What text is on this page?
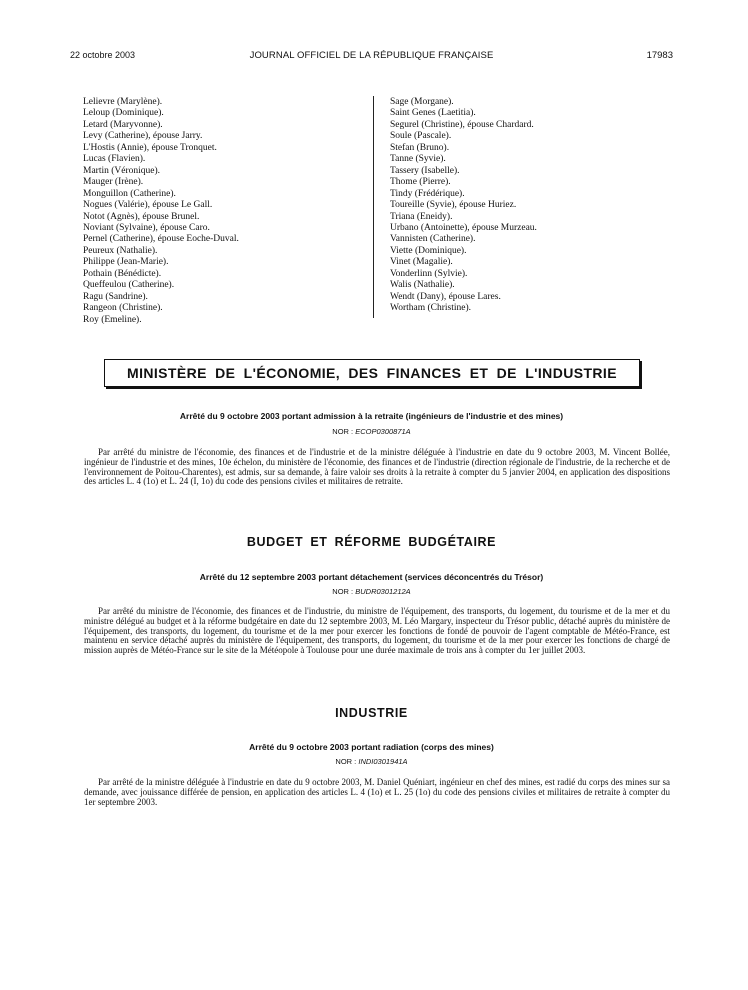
22 octobre 2003	JOURNAL OFFICIEL DE LA RÉPUBLIQUE FRANÇAISE	17983
Lelievre (Marylène).
Leloup (Dominique).
Letard (Maryvonne).
Levy (Catherine), épouse Jarry.
L'Hostis (Annie), épouse Tronquet.
Lucas (Flavien).
Martin (Véronique).
Mauger (Irène).
Monguillon (Catherine).
Nogues (Valérie), épouse Le Gall.
Notot (Agnès), épouse Brunel.
Noviant (Sylvaine), épouse Caro.
Pernel (Catherine), épouse Eoche-Duval.
Peureux (Nathalie).
Philippe (Jean-Marie).
Pothain (Bénédicte).
Queffeulou (Catherine).
Ragu (Sandrine).
Rangeon (Christine).
Roy (Emeline).
Sage (Morgane).
Saint Genes (Laetitia).
Segurel (Christine), épouse Chardard.
Soule (Pascale).
Stefan (Bruno).
Tanne (Syvie).
Tassery (Isabelle).
Thome (Pierre).
Tindy (Frédérique).
Toureille (Syvie), épouse Huriez.
Triana (Eneidy).
Urbano (Antoinette), épouse Murzeau.
Vannisten (Catherine).
Viette (Dominique).
Vinet (Magalie).
Vonderlinn (Sylvie).
Walis (Nathalie).
Wendt (Dany), épouse Lares.
Wortham (Christine).
MINISTÈRE DE L'ÉCONOMIE, DES FINANCES ET DE L'INDUSTRIE
Arrêté du 9 octobre 2003 portant admission à la retraite (ingénieurs de l'industrie et des mines)
NOR : ECOP0300871A

Par arrêté du ministre de l'économie, des finances et de l'industrie et de la ministre déléguée à l'industrie en date du 9 octobre 2003, M. Vincent Bollée, ingénieur de l'industrie et des mines, 10e échelon, du ministère de l'économie, des finances et de l'industrie (direction régionale de l'industrie, de la recherche et de l'environnement de Poitou-Charentes), est admis, sur sa demande, à faire valoir ses droits à la retraite à compter du 5 janvier 2004, en application des dispositions des articles L. 4 (1o) et L. 24 (I, 1o) du code des pensions civiles et militaires de retraite.

BUDGET ET RÉFORME BUDGÉTAIRE
Arrêté du 12 septembre 2003 portant détachement (services déconcentrés du Trésor)
NOR : BUDR0301212A

Par arrêté du ministre de l'économie, des finances et de l'industrie, du ministre de l'équipement, des transports, du logement, du tourisme et de la mer et du ministre délégué au budget et à la réforme budgétaire en date du 12 septembre 2003, M. Léo Margary, inspecteur du Trésor public, détaché auprès du ministère de l'équipement, des transports, du logement, du tourisme et de la mer pour exercer les fonctions de fondé de pouvoir de l'agent comptable de Météo-France, est maintenu en service détaché auprès du ministère de l'équipement, des transports, du logement, du tourisme et de la mer pour exercer les fonctions de chargé de mission auprès de Météo-France sur le site de la Météopole à Toulouse pour une durée maximale de trois ans à compter du 1er juillet 2003.

INDUSTRIE
Arrêté du 9 octobre 2003 portant radiation (corps des mines)
NOR : INDI0301941A

Par arrêté de la ministre déléguée à l'industrie en date du 9 octobre 2003, M. Daniel Quéniart, ingénieur en chef des mines, est radié du corps des mines sur sa demande, avec jouissance différée de pension, en application des articles L. 4 (1o) et L. 25 (1o) du code des pensions civiles et militaires de retraite à compter du 1er septembre 2003.
